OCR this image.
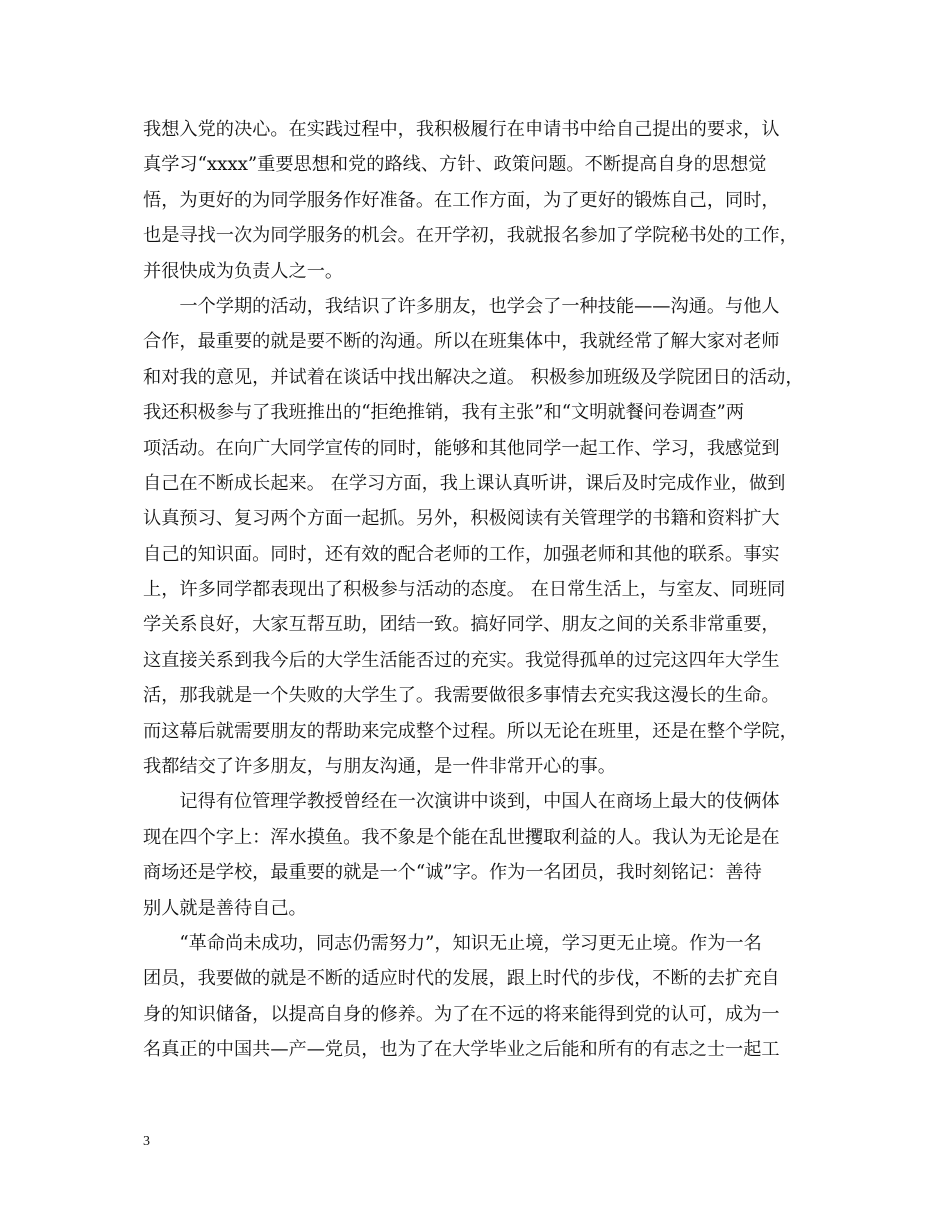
我想入党的决心。在实践过程中，我积极履行在申请书中给自己提出的要求，认
真学习“xxxx”重要思想和党的路线、方针、政策问题。不断提高自身的思想觉
悟，为更好的为同学服务作好准备。在工作方面，为了更好的锻炼自己，同时，
也是寻找一次为同学服务的机会。在开学初，我就报名参加了学院秘书处的工作，
并很快成为负责人之一。
　　一个学期的活动，我结识了许多朋友，也学会了一种技能——沟通。与他人
合作，最重要的就是要不断的沟通。所以在班集体中，我就经常了解大家对老师
和对我的意见，并试着在谈话中找出解决之道。 积极参加班级及学院团日的活动，
我还积极参与了我班推出的“拒绝推销，我有主张”和“文明就餐问卷调查”两
项活动。在向广大同学宣传的同时，能够和其他同学一起工作、学习，我感觉到
自己在不断成长起来。 在学习方面，我上课认真听讲，课后及时完成作业，做到
认真预习、复习两个方面一起抓。另外，积极阅读有关管理学的书籍和资料扩大
自己的知识面。同时，还有效的配合老师的工作，加强老师和其他的联系。事实
上，许多同学都表现出了积极参与活动的态度。 在日常生活上，与室友、同班同
学关系良好，大家互帮互助，团结一致。搞好同学、朋友之间的关系非常重要，
这直接关系到我今后的大学生活能否过的充实。我觉得孤单的过完这四年大学生
活，那我就是一个失败的大学生了。我需要做很多事情去充实我这漫长的生命。
而这幕后就需要朋友的帮助来完成整个过程。所以无论在班里，还是在整个学院，
我都结交了许多朋友，与朋友沟通，是一件非常开心的事。
　　记得有位管理学教授曾经在一次演讲中谈到，中国人在商场上最大的伎俩体
现在四个字上：浑水摸鱼。我不象是个能在乱世攫取利益的人。我认为无论是在
商场还是学校，最重要的就是一个“诚”字。作为一名团员，我时刻铭记：善待
别人就是善待自己。
　　“革命尚未成功，同志仍需努力”，知识无止境，学习更无止境。作为一名
团员，我要做的就是不断的适应时代的发展，跟上时代的步伐，不断的去扩充自
身的知识储备，以提高自身的修养。为了在不远的将来能得到党的认可，成为一
名真正的中国共—产—党员，也为了在大学毕业之后能和所有的有志之士一起工
3
